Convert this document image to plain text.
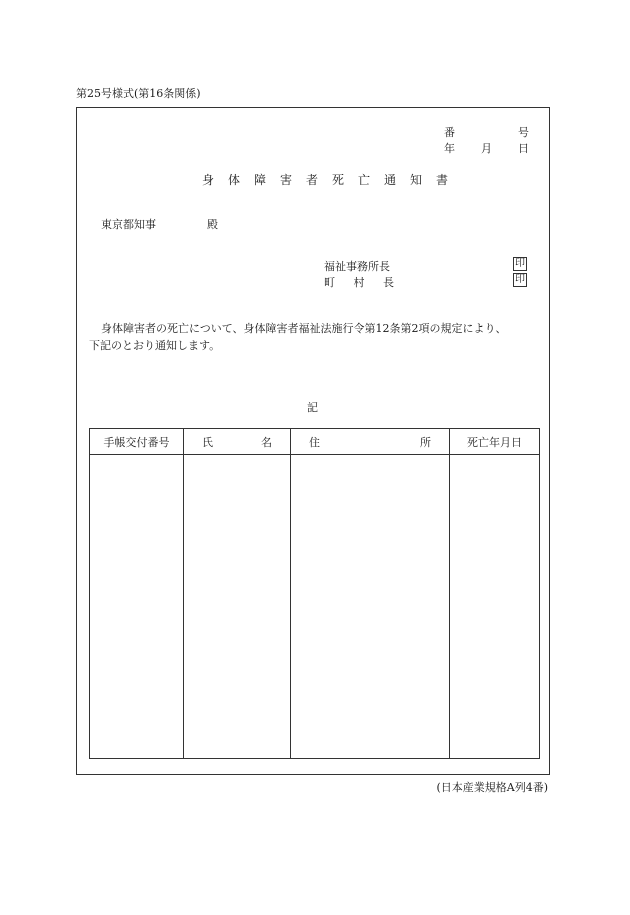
第25号様式(第16条関係)
番	号
年 月 日
身体障害者死亡通知書
東京都知事	殿
福祉事務所長	印
町 村 長	印
身体障害者の死亡について、身体障害者福祉法施行令第12条第2項の規定により、
下記のとおり通知します。
記
手帳交付番号	氏 名	住 所	死亡年月日

(日本産業規格A列4番)
